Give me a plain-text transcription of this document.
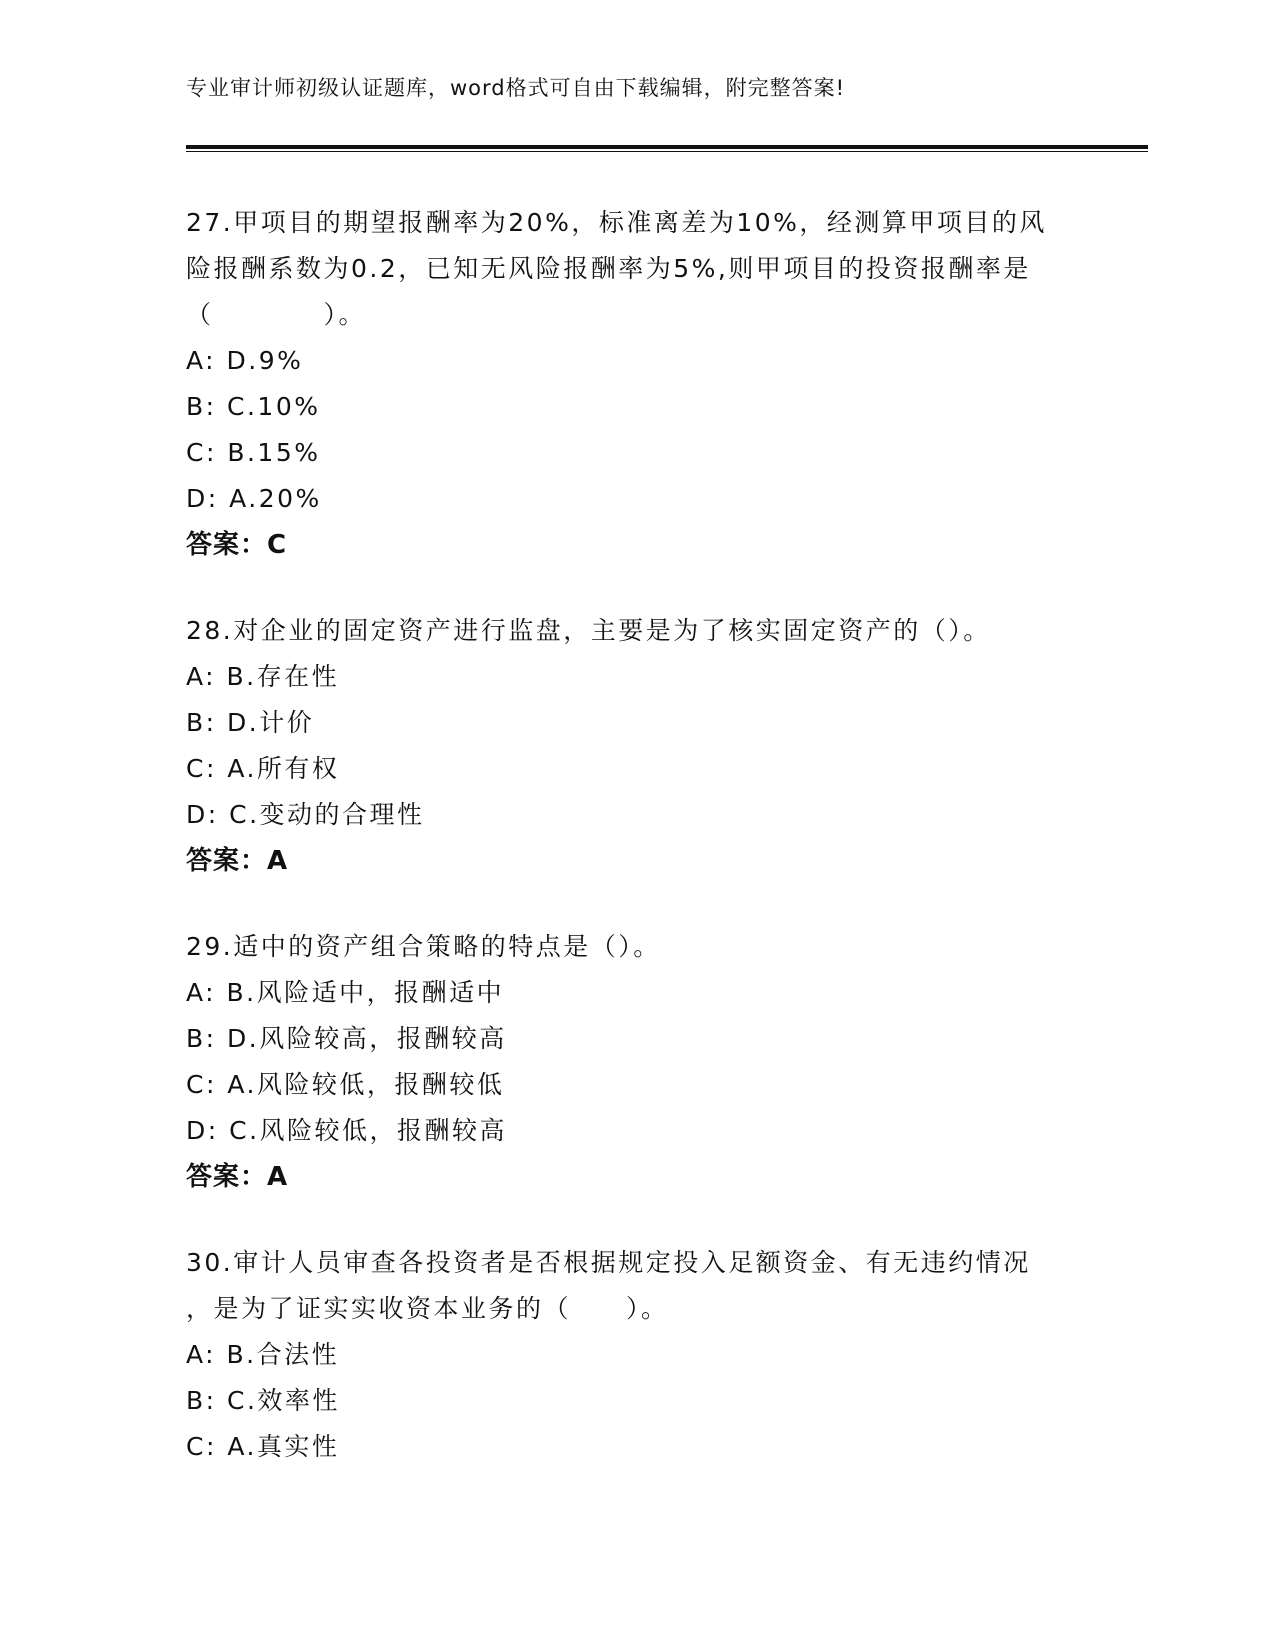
专业审计师初级认证题库，word格式可自由下载编辑，附完整答案!

27.甲项目的期望报酬率为20%，标准离差为10%，经测算甲项目的风

险报酬系数为0.2，已知无风险报酬率为5%,则甲项目的投资报酬率是

（　　　　）。

A: D.9%

B: C.10%

C: B.15%

D: A.20%

答案：C

28.对企业的固定资产进行监盘，主要是为了核实固定资产的（）。

A: B.存在性

B: D.计价

C: A.所有权

D: C.变动的合理性

答案：A

29.适中的资产组合策略的特点是（）。

A: B.风险适中，报酬适中

B: D.风险较高，报酬较高

C: A.风险较低，报酬较低

D: C.风险较低，报酬较高

答案：A

30.审计人员审查各投资者是否根据规定投入足额资金、有无违约情况

，是为了证实实收资本业务的（　　）。

A: B.合法性

B: C.效率性

C: A.真实性
